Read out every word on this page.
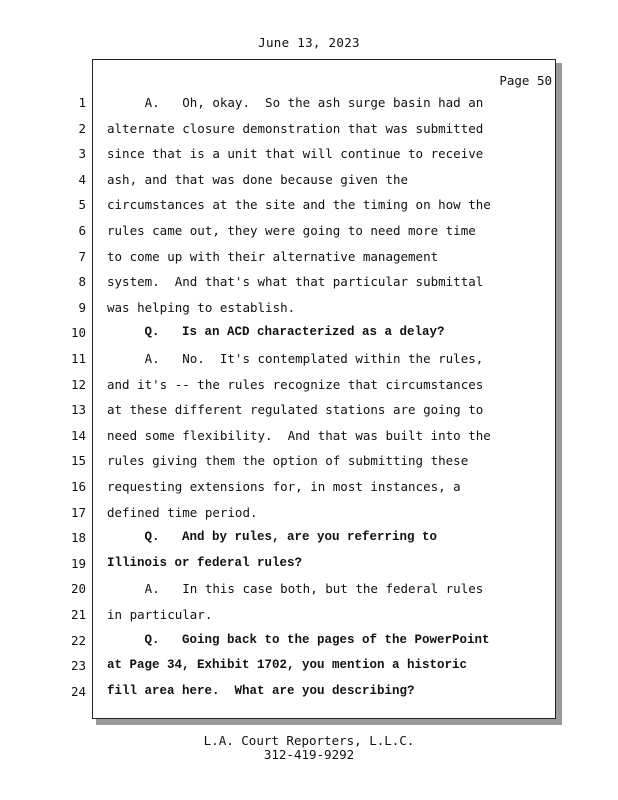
June 13, 2023
Page 50
1 A.   Oh, okay.  So the ash surge basin had an
2 alternate closure demonstration that was submitted
3 since that is a unit that will continue to receive
4 ash, and that was done because given the
5 circumstances at the site and the timing on how the
6 rules came out, they were going to need more time
7 to come up with their alternative management
8 system.  And that's what that particular submittal
9 was helping to establish.
10 Q.   Is an ACD characterized as a delay?
11 A.   No.  It's contemplated within the rules,
12 and it's -- the rules recognize that circumstances
13 at these different regulated stations are going to
14 need some flexibility.  And that was built into the
15 rules giving them the option of submitting these
16 requesting extensions for, in most instances, a
17 defined time period.
18 Q.   And by rules, are you referring to
19 Illinois or federal rules?
20 A.   In this case both, but the federal rules
21 in particular.
22 Q.   Going back to the pages of the PowerPoint
23 at Page 34, Exhibit 1702, you mention a historic
24 fill area here.  What are you describing?
L.A. Court Reporters, L.L.C.
312-419-9292
